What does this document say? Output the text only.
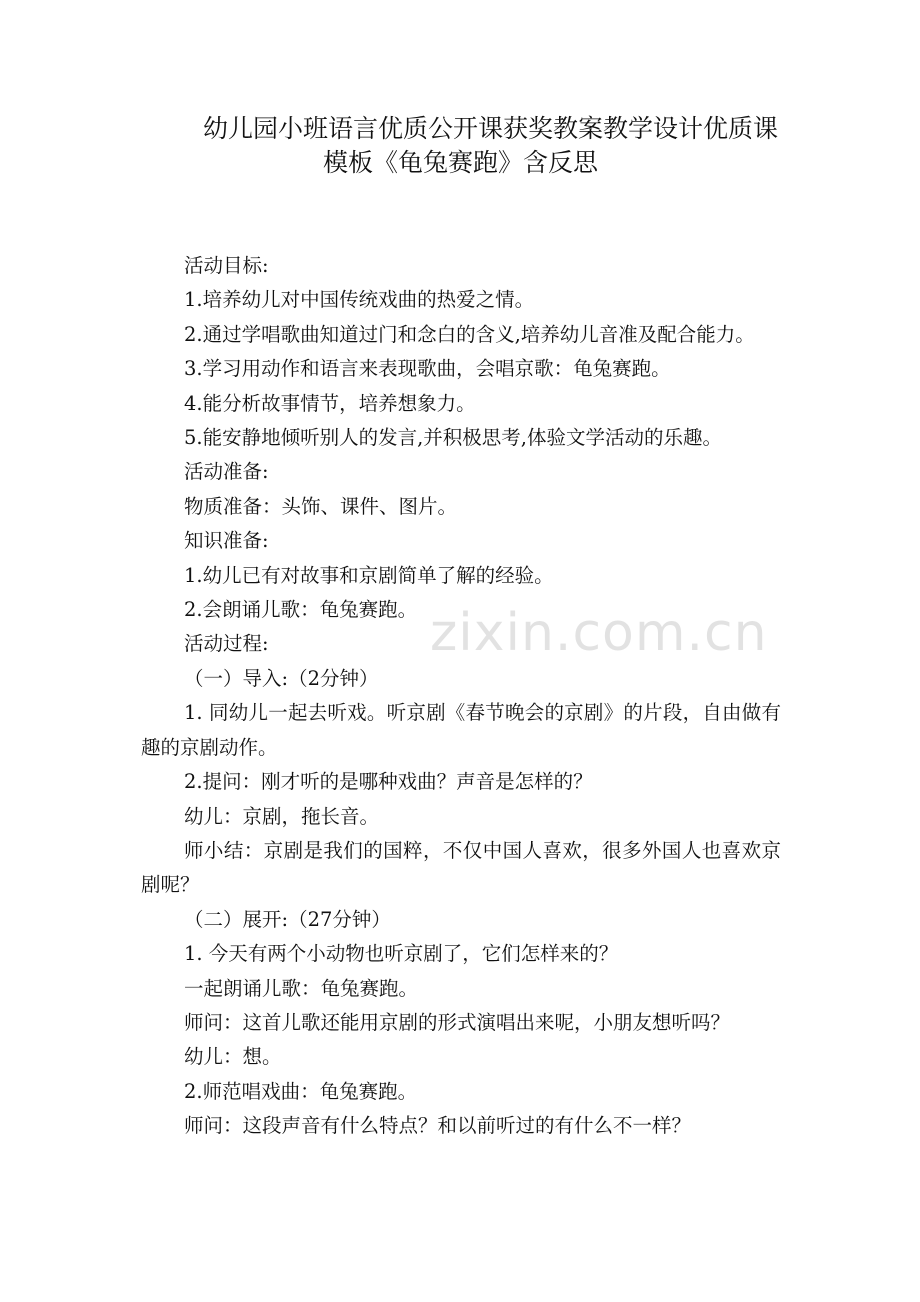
幼儿园小班语言优质公开课获奖教案教学设计优质课
模板《龟兔赛跑》含反思

活动目标:

1.培养幼儿对中国传统戏曲的热爱之情。

2.通过学唱歌曲知道过门和念白的含义,培养幼儿音准及配合能力。

3.学习用动作和语言来表现歌曲，会唱京歌：龟兔赛跑。

4.能分析故事情节，培养想象力。

5.能安静地倾听别人的发言,并积极思考,体验文学活动的乐趣。

活动准备:

物质准备：头饰、课件、图片。

知识准备:

1.幼儿已有对故事和京剧简单了解的经验。

2.会朗诵儿歌：龟兔赛跑。

活动过程:

（一）导入:（2分钟）

1. 同幼儿一起去听戏。听京剧《春节晚会的京剧》的片段，自由做有趣的京剧动作。

2.提问：刚才听的是哪种戏曲？声音是怎样的？

幼儿：京剧，拖长音。

师小结：京剧是我们的国粹，不仅中国人喜欢，很多外国人也喜欢京剧呢？

（二）展开:（27分钟）

1. 今天有两个小动物也听京剧了，它们怎样来的？

一起朗诵儿歌：龟兔赛跑。

师问：这首儿歌还能用京剧的形式演唱出来呢，小朋友想听吗？

幼儿：想。

2.师范唱戏曲：龟兔赛跑。

师问：这段声音有什么特点？和以前听过的有什么不一样？

zixin.com.cn
